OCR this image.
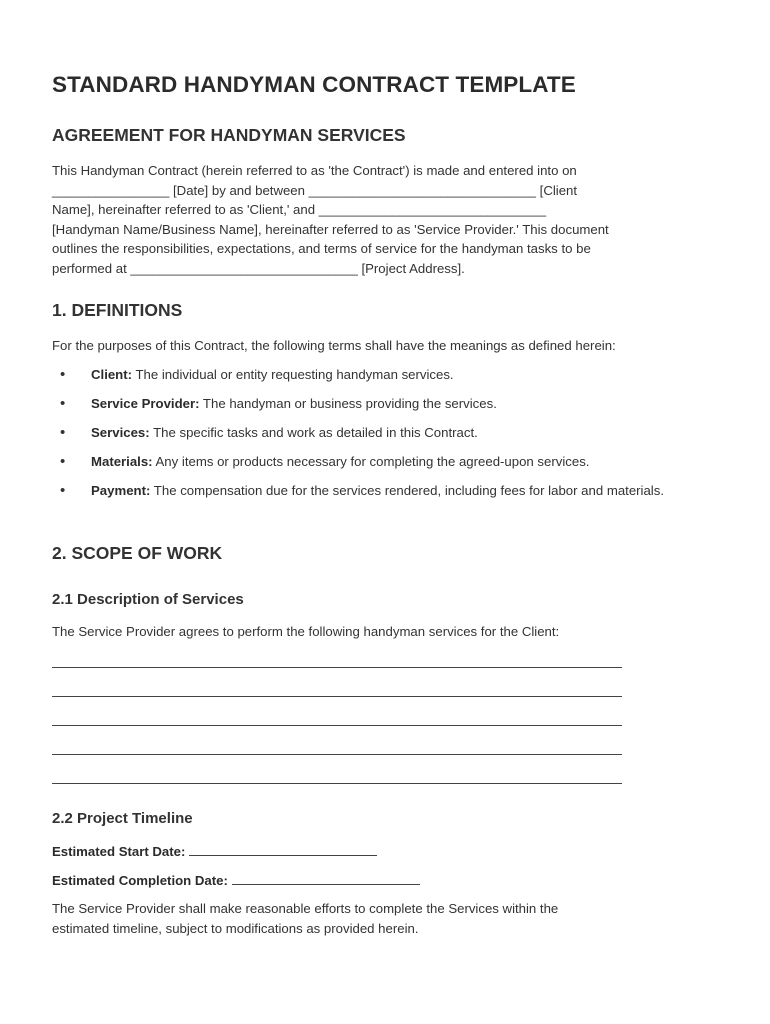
STANDARD HANDYMAN CONTRACT TEMPLATE
AGREEMENT FOR HANDYMAN SERVICES
This Handyman Contract (herein referred to as 'the Contract') is made and entered into on
________________ [Date] by and between _______________________________ [Client
Name], hereinafter referred to as 'Client,' and _______________________________
[Handyman Name/Business Name], hereinafter referred to as 'Service Provider.' This document
outlines the responsibilities, expectations, and terms of service for the handyman tasks to be
performed at _______________________________ [Project Address].
1. DEFINITIONS
For the purposes of this Contract, the following terms shall have the meanings as defined herein:
• Client: The individual or entity requesting handyman services.
• Service Provider: The handyman or business providing the services.
• Services: The specific tasks and work as detailed in this Contract.
• Materials: Any items or products necessary for completing the agreed-upon services.
• Payment: The compensation due for the services rendered, including fees for labor and materials.
2. SCOPE OF WORK
2.1 Description of Services
The Service Provider agrees to perform the following handyman services for the Client:
2.2 Project Timeline
Estimated Start Date:
Estimated Completion Date:
The Service Provider shall make reasonable efforts to complete the Services within the
estimated timeline, subject to modifications as provided herein.
